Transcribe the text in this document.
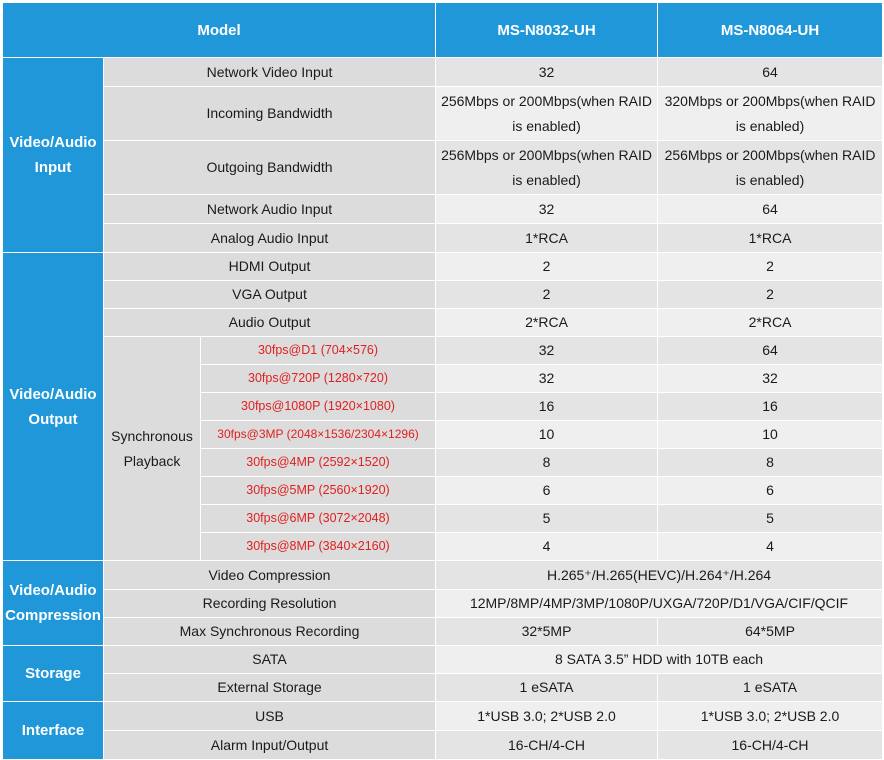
Model			MS-N8032-UH	MS-N8064-UH
Video/Audio Input	Network Video Input		32	64
	Incoming Bandwidth		256Mbps or 200Mbps(when RAID is enabled)	320Mbps or 200Mbps(when RAID is enabled)
	Outgoing Bandwidth		256Mbps or 200Mbps(when RAID is enabled)	256Mbps or 200Mbps(when RAID is enabled)
	Network Audio Input		32	64
	Analog Audio Input		1*RCA	1*RCA
Video/Audio Output	HDMI Output		2	2
	VGA Output		2	2
	Audio Output		2*RCA	2*RCA
	Synchronous Playback	30fps@D1 (704×576)	32	64
		30fps@720P (1280×720)	32	32
		30fps@1080P (1920×1080)	16	16
		30fps@3MP (2048×1536/2304×1296)	10	10
		30fps@4MP (2592×1520)	8	8
		30fps@5MP (2560×1920)	6	6
		30fps@6MP (3072×2048)	5	5
		30fps@8MP (3840×2160)	4	4
Video/Audio Compression	Video Compression		H.265⁺/H.265(HEVC)/H.264⁺/H.264	
	Recording Resolution		12MP/8MP/4MP/3MP/1080P/UXGA/720P/D1/VGA/CIF/QCIF	
	Max Synchronous Recording		32*5MP	64*5MP
Storage	SATA		8 SATA 3.5” HDD with 10TB each	
	External Storage		1 eSATA	1 eSATA
Interface	USB		1*USB 3.0; 2*USB 2.0	1*USB 3.0; 2*USB 2.0
	Alarm Input/Output		16-CH/4-CH	16-CH/4-CH
